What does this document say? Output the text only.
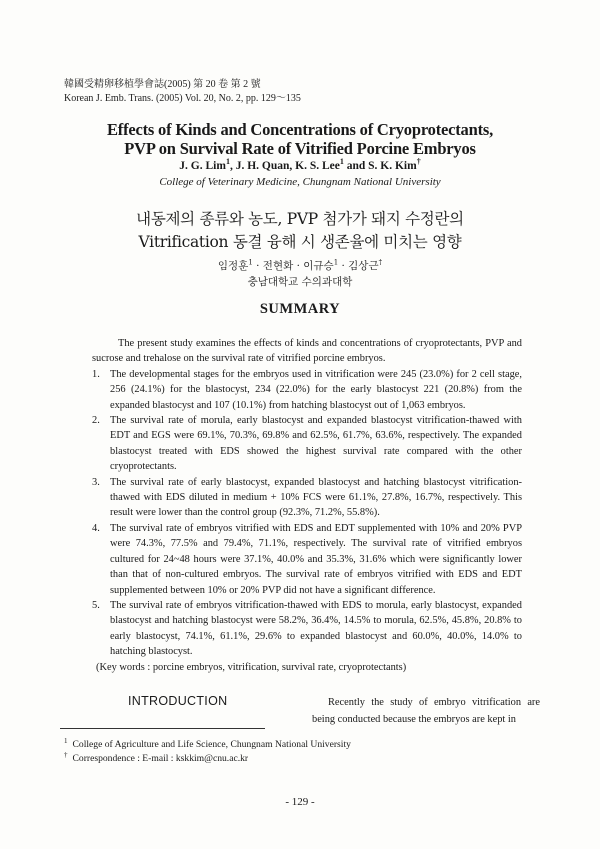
韓國受精卵移植學會誌(2005) 第 20 卷 第 2 號
Korean J. Emb. Trans. (2005) Vol. 20, No. 2, pp. 129～135
Effects of Kinds and Concentrations of Cryoprotectants,
PVP on Survival Rate of Vitrified Porcine Embryos
J. G. Lim$^1$, J. H. Quan, K. S. Lee$^1$ and S. K. Kim†
College of Veterinary Medicine, Chungnam National University
내동제의 종류와 농도, PVP 첨가가 돼지 수정란의
Vitrification 동결 융해 시 생존율에 미치는 영향
임정훈$^1$ · 전현화 · 이규승$^1$ · 김상근†
충남대학교 수의과대학
SUMMARY

The present study examines the effects of kinds and concentrations of cryoprotectants, PVP and sucrose and trehalose on the survival rate of vitrified porcine embryos.

1. The developmental stages for the embryos used in vitrification were 245 (23.0%) for 2 cell stage, 256 (24.1%) for the blastocyst, 234 (22.0%) for the early blastocyst 221 (20.8%) from the expanded blastocyst and 107 (10.1%) from hatching blastocyst out of 1,063 embryos.
2. The survival rate of morula, early blastocyst and expanded blastocyst vitrification-thawed with EDT and EGS were 69.1%, 70.3%, 69.8% and 62.5%, 61.7%, 63.6%, respectively. The expanded blastocyst treated with EDS showed the highest survival rate compared with the other cryoprotectants.
3. The survival rate of early blastocyst, expanded blastocyst and hatching blastocyst vitrification-thawed with EDS diluted in medium + 10% FCS were 61.1%, 27.8%, 16.7%, respectively. This result were lower than the control group (92.3%, 71.2%, 55.8%).
4. The survival rate of embryos vitrified with EDS and EDT supplemented with 10% and 20% PVP were 74.3%, 77.5% and 79.4%, 71.1%, respectively. The survival rate of vitrified embryos cultured for 24~48 hours were 37.1%, 40.0% and 35.3%, 31.6% which were significantly lower than that of non-cultured embryos. The survival rate of embryos vitrified with EDS and EDT supplemented between 10% or 20% PVP did not have a significant difference.
5. The survival rate of embryos vitrification-thawed with EDS to morula, early blastocyst, expanded blastocyst and hatching blastocyst were 58.2%, 36.4%, 14.5% to morula, 62.5%, 45.8%, 20.8% to early blastocyst, 74.1%, 61.1%, 29.6% to expanded blastocyst and 60.0%, 40.0%, 14.0% to hatching blastocyst.

(Key words : porcine embryos, vitrification, survival rate, cryoprotectants)

INTRODUCTION	Recently the study of embryo vitrification are being conducted because the embryos are kept in
$^1$ College of Agriculture and Life Science, Chungnam National University
† Correspondence : E-mail : kskkim@cnu.ac.kr
- 129 -
